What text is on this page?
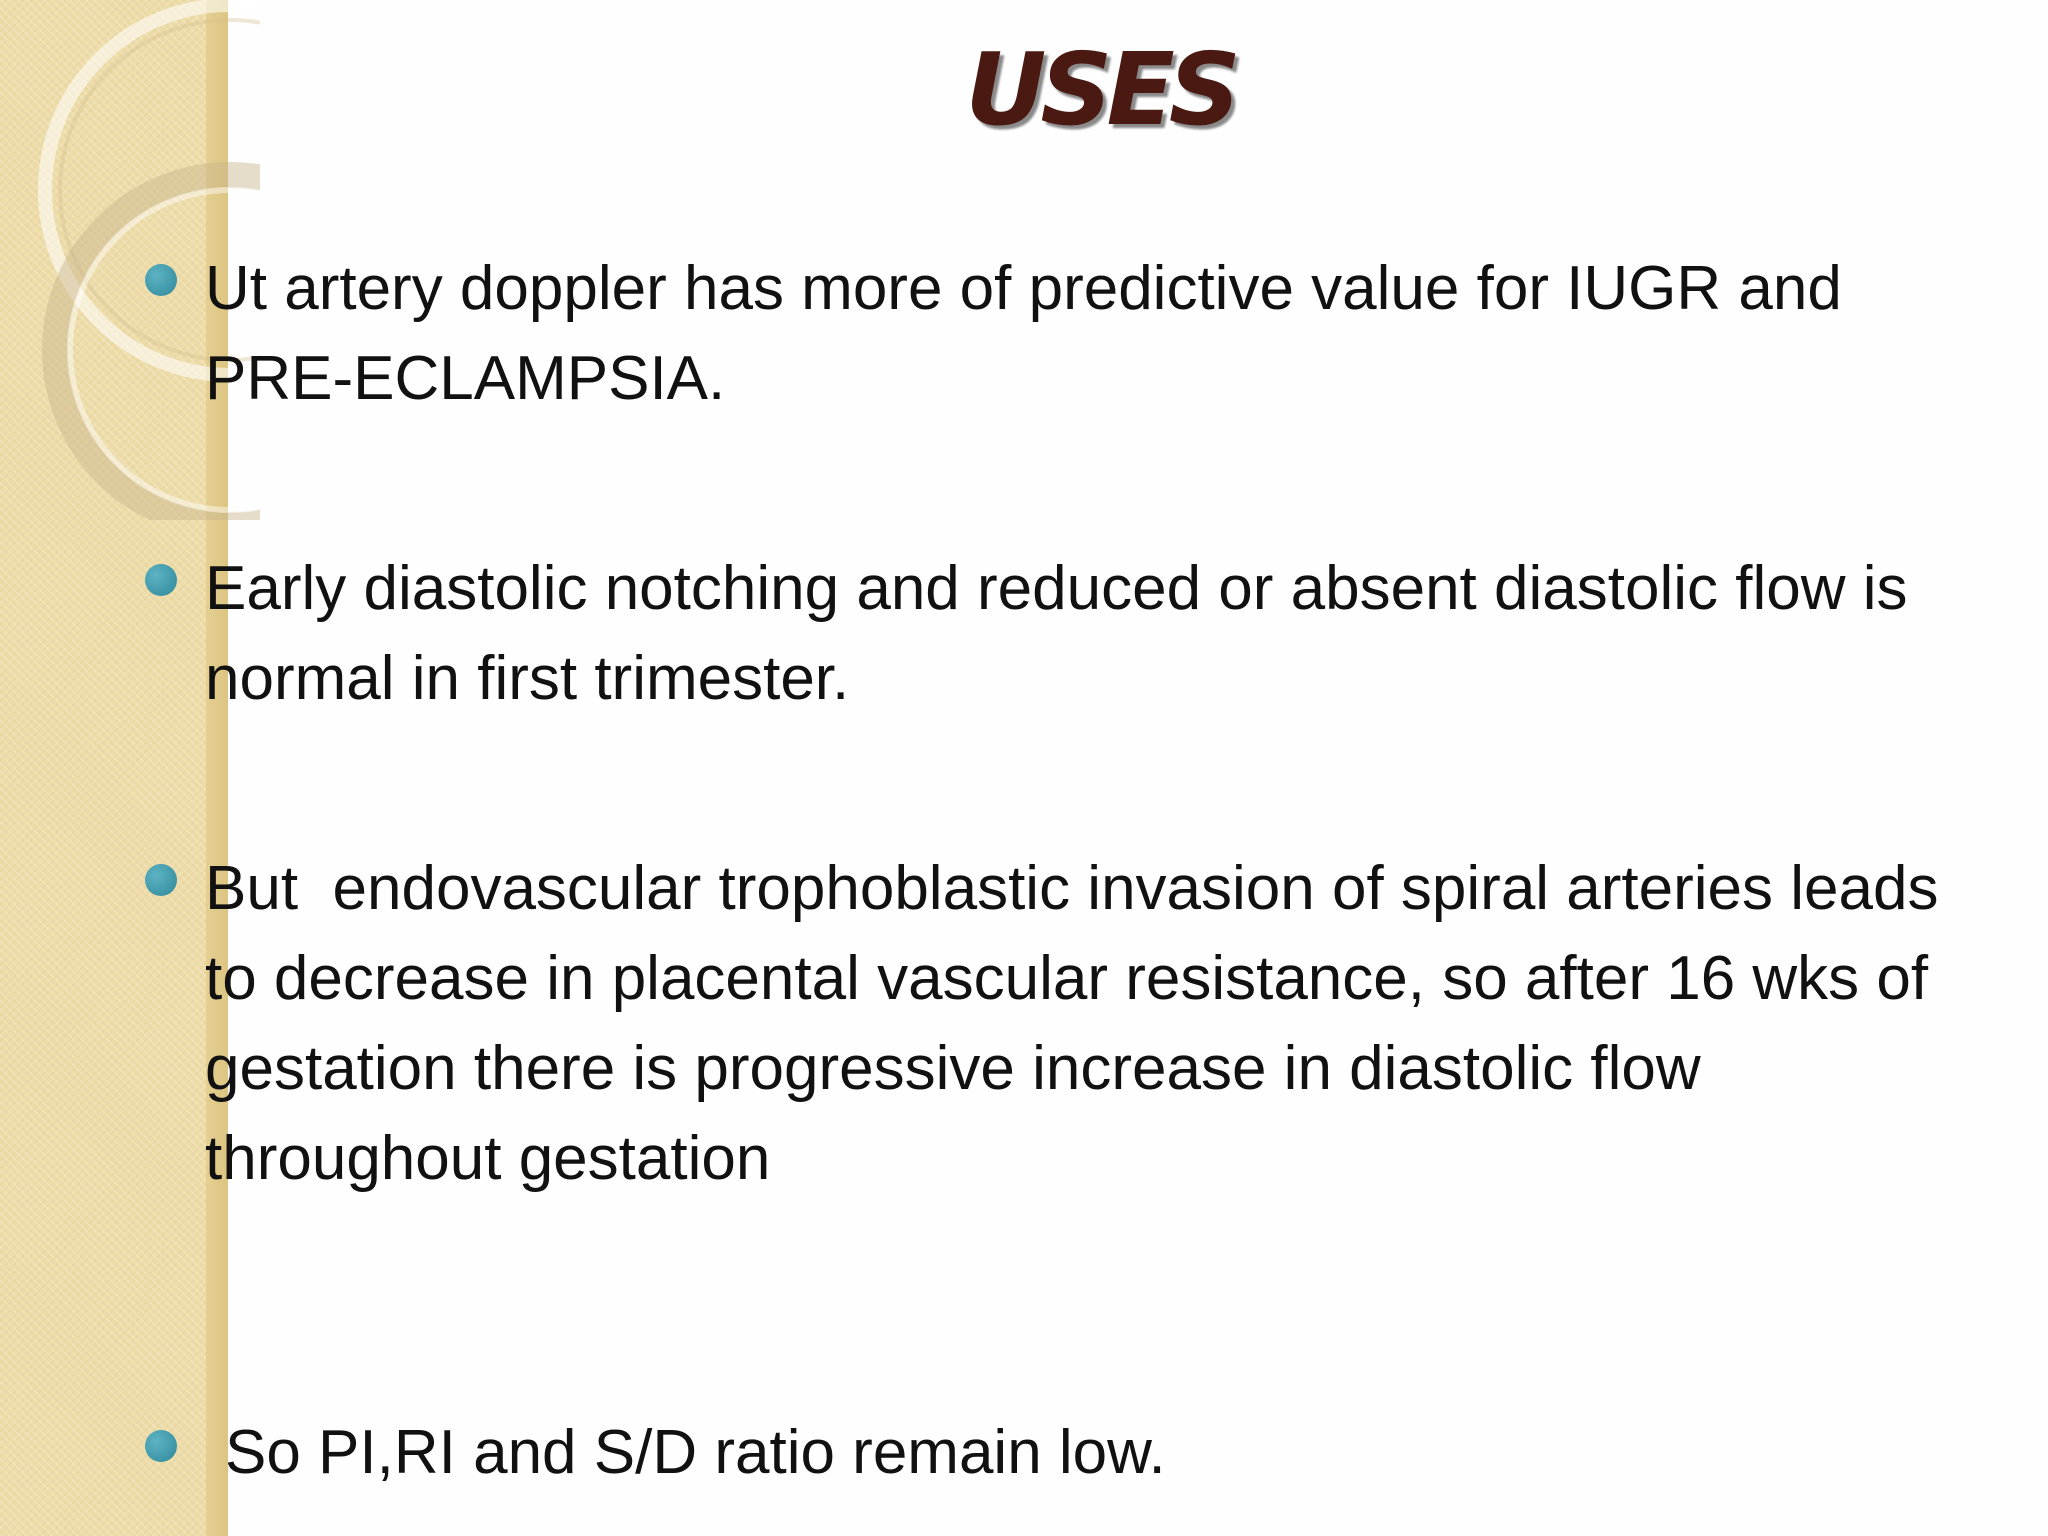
USES
Ut artery doppler has more of predictive value for IUGR and PRE-ECLAMPSIA.
Early diastolic notching and reduced or absent diastolic flow is normal in first trimester.
But  endovascular trophoblastic invasion of spiral arteries leads to decrease in placental vascular resistance, so after 16 wks of gestation there is progressive increase in diastolic flow throughout gestation
So PI,RI and S/D ratio remain low.
